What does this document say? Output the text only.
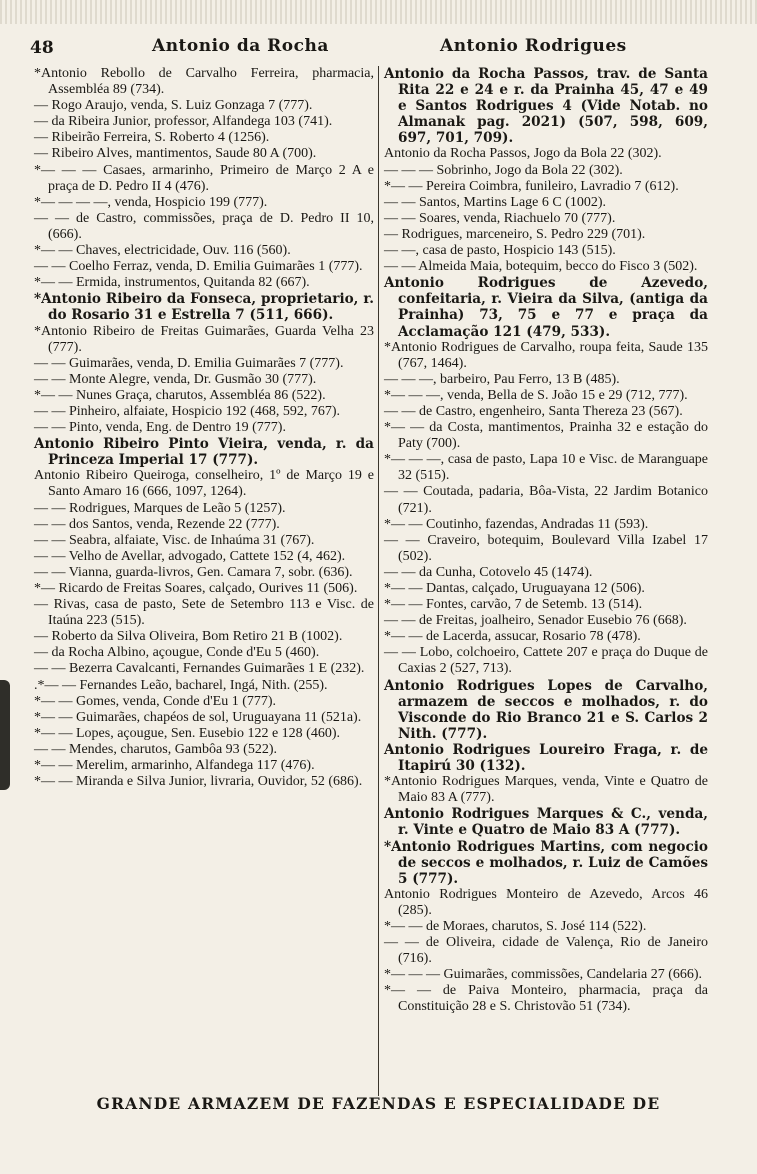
48	Antonio da Rocha	Antonio Rodrigues

*Antonio Rebollo de Carvalho Ferreira, pharmacia, Assembléa 89 (734).

— Rogo Araujo, venda, S. Luiz Gonzaga 7 (777).

— da Ribeira Junior, professor, Alfandega 103 (741).

— Ribeirão Ferreira, S. Roberto 4 (1256).

— Ribeiro Alves, mantimentos, Saude 80 A (700).

*— — — Casaes, armarinho, Primeiro de Março 2 A e praça de D. Pedro II 4 (476).

*— — — —, venda, Hospicio 199 (777).

— — de Castro, commissões, praça de D. Pedro II 10, (666).

*— — Chaves, electricidade, Ouv. 116 (560).

— — Coelho Ferraz, venda, D. Emilia Guimarães 1 (777).

*— — Ermida, instrumentos, Quitanda 82 (667).

*Antonio Ribeiro da Fonseca, proprietario, r. do Rosario 31 e Estrella 7 (511, 666).

*Antonio Ribeiro de Freitas Guimarães, Guarda Velha 23 (777).

— — Guimarães, venda, D. Emilia Guimarães 7 (777).

— — Monte Alegre, venda, Dr. Gusmão 30 (777).

*— — Nunes Graça, charutos, Assembléa 86 (522).

— — Pinheiro, alfaiate, Hospicio 192 (468, 592, 767).

— — Pinto, venda, Eng. de Dentro 19 (777).

Antonio Ribeiro Pinto Vieira, venda, r. da Princeza Imperial 17 (777).

Antonio Ribeiro Queiroga, conselheiro, 1º de Março 19 e Santo Amaro 16 (666, 1097, 1264).

— — Rodrigues, Marques de Leão 5 (1257).

— — dos Santos, venda, Rezende 22 (777).

— — Seabra, alfaiate, Visc. de Inhaúma 31 (767).

— — Velho de Avellar, advogado, Cattete 152 (4, 462).

— — Vianna, guarda-livros, Gen. Camara 7, sobr. (636).

*— Ricardo de Freitas Soares, calçado, Ourives 11 (506).

— Rivas, casa de pasto, Sete de Setembro 113 e Visc. de Itaúna 223 (515).

— Roberto da Silva Oliveira, Bom Retiro 21 B (1002).

— da Rocha Albino, açougue, Conde d'Eu 5 (460).

— — Bezerra Cavalcanti, Fernandes Guimarães 1 E (232).

.*— — Fernandes Leão, bacharel, Ingá, Nith. (255).

*— — Gomes, venda, Conde d'Eu 1 (777).

*— — Guimarães, chapéos de sol, Uruguayana 11 (521a).

*— — Lopes, açougue, Sen. Eusebio 122 e 128 (460).

— — Mendes, charutos, Gambôa 93 (522).

*— — Merelim, armarinho, Alfandega 117 (476).

*— — Miranda e Silva Junior, livraria, Ouvidor, 52 (686).

Antonio da Rocha Passos, trav. de Santa Rita 22 e 24 e r. da Prainha 45, 47 e 49 e Santos Rodrigues 4 (Vide Notab. no Almanak pag. 2021) (507, 598, 609, 697, 701, 709).

Antonio da Rocha Passos, Jogo da Bola 22 (302).

— — — Sobrinho, Jogo da Bola 22 (302).

*— — Pereira Coimbra, funileiro, Lavradio 7 (612).

— — Santos, Martins Lage 6 C (1002).

— — Soares, venda, Riachuelo 70 (777).

— Rodrigues, marceneiro, S. Pedro 229 (701).

— —, casa de pasto, Hospicio 143 (515).

— — Almeida Maia, botequim, becco do Fisco 3 (502).

Antonio Rodrigues de Azevedo, confeitaria, r. Vieira da Silva, (antiga da Prainha) 73, 75 e 77 e praça da Acclamação 121 (479, 533).

*Antonio Rodrigues de Carvalho, roupa feita, Saude 135 (767, 1464).

— — —, barbeiro, Pau Ferro, 13 B (485).

*— — —, venda, Bella de S. João 15 e 29 (712, 777).

— — de Castro, engenheiro, Santa Thereza 23 (567).

*— — da Costa, mantimentos, Prainha 32 e estação do Paty (700).

*— — —, casa de pasto, Lapa 10 e Visc. de Maranguape 32 (515).

— — Coutada, padaria, Bôa-Vista, 22 Jardim Botanico (721).

*— — Coutinho, fazendas, Andradas 11 (593).

— — Craveiro, botequim, Boulevard Villa Izabel 17 (502).

— — da Cunha, Cotovelo 45 (1474).

*— — Dantas, calçado, Uruguayana 12 (506).

*— — Fontes, carvão, 7 de Setemb. 13 (514).

— — de Freitas, joalheiro, Senador Eusebio 76 (668).

*— — de Lacerda, assucar, Rosario 78 (478).

— — Lobo, colchoeiro, Cattete 207 e praça do Duque de Caxias 2 (527, 713).

Antonio Rodrigues Lopes de Carvalho, armazem de seccos e molhados, r. do Visconde do Rio Branco 21 e S. Carlos 2 Nith. (777).

Antonio Rodrigues Loureiro Fraga, r. de Itapirú 30 (132).

*Antonio Rodrigues Marques, venda, Vinte e Quatro de Maio 83 A (777).

Antonio Rodrigues Marques & C., venda, r. Vinte e Quatro de Maio 83 A (777).

*Antonio Rodrigues Martins, com negocio de seccos e molhados, r. Luiz de Camões 5 (777).

Antonio Rodrigues Monteiro de Azevedo, Arcos 46 (285).

*— — de Moraes, charutos, S. José 114 (522).

— — de Oliveira, cidade de Valença, Rio de Janeiro (716).

*— — — Guimarães, commissões, Candelaria 27 (666).

*— — de Paiva Monteiro, pharmacia, praça da Constituição 28 e S. Christovão 51 (734).

GRANDE ARMAZEM DE FAZENDAS E ESPECIALIDADE DE
